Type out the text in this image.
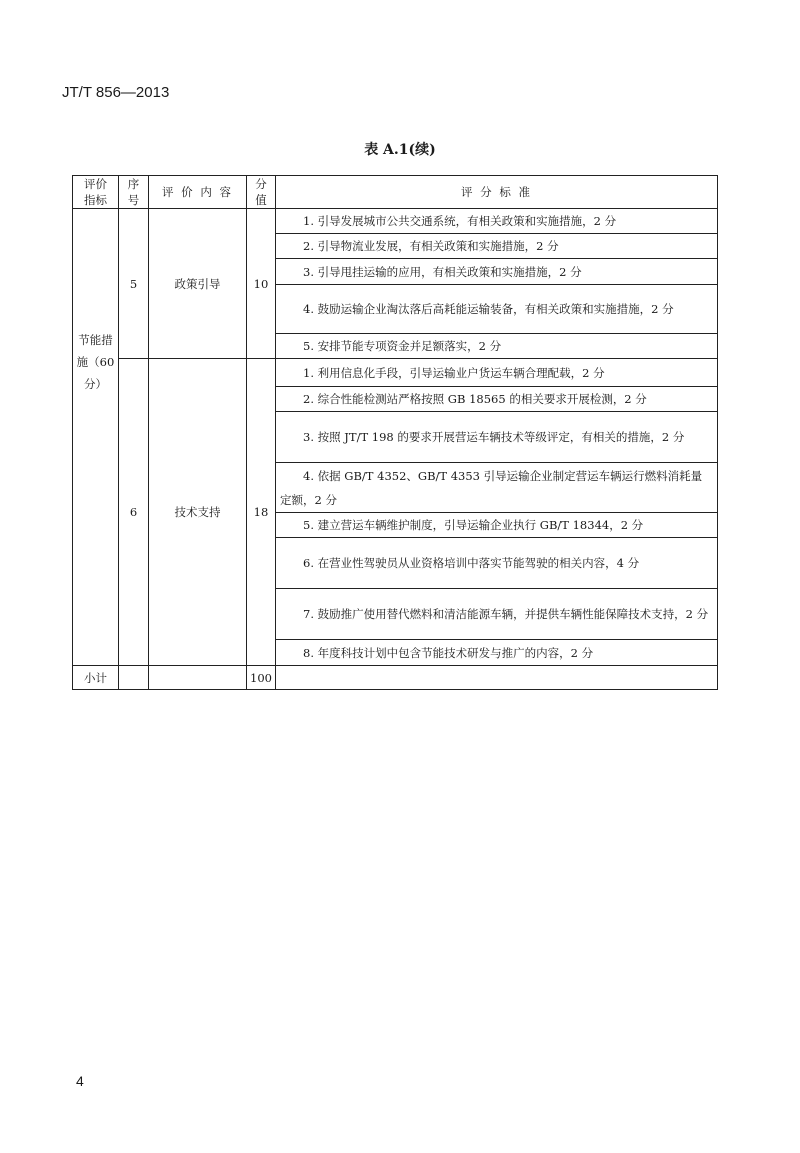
JT/T 856—2013
表 A.1(续)
评价指标	序号	评 价 内 容	分值	评 分 标 准
节能措施（60 分）	5	政策引导	10	1. 引导发展城市公共交通系统，有相关政策和实施措施，2 分
				2. 引导物流业发展，有相关政策和实施措施，2 分
				3. 引导甩挂运输的应用，有相关政策和实施措施，2 分
				4. 鼓励运输企业淘汰落后高耗能运输装备，有相关政策和实施措施，2 分
				5. 安排节能专项资金并足额落实，2 分
	6	技术支持	18	1. 利用信息化手段，引导运输业户货运车辆合理配载，2 分
				2. 综合性能检测站严格按照 GB 18565 的相关要求开展检测，2 分
				3. 按照 JT/T 198 的要求开展营运车辆技术等级评定，有相关的措施，2 分
				4. 依据 GB/T 4352、GB/T 4353 引导运输企业制定营运车辆运行燃料消耗量定额，2 分
				5. 建立营运车辆维护制度，引导运输企业执行 GB/T 18344，2 分
				6. 在营业性驾驶员从业资格培训中落实节能驾驶的相关内容，4 分
				7. 鼓励推广使用替代燃料和清洁能源车辆，并提供车辆性能保障技术支持，2 分
				8. 年度科技计划中包含节能技术研发与推广的内容，2 分
小计			100	
4
